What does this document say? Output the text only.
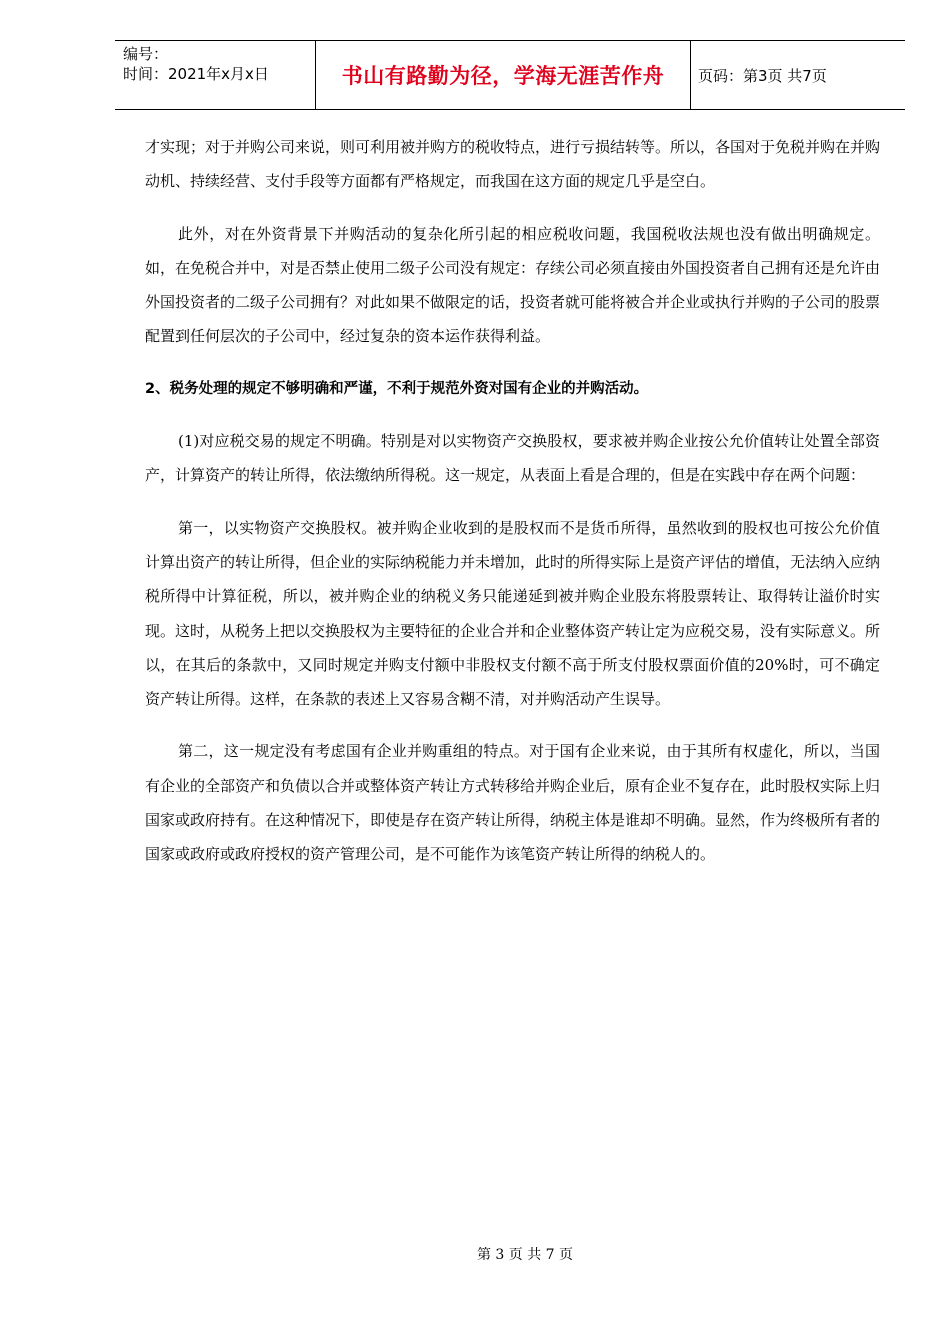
编号：
时间：2021年x月x日	书山有路勤为径，学海无涯苦作舟	页码：第3页 共7页

才实现；对于并购公司来说，则可利用被并购方的税收特点，进行亏损结转等。所以，各国对于免税并购在并购动机、持续经营、支付手段等方面都有严格规定，而我国在这方面的规定几乎是空白。

此外，对在外资背景下并购活动的复杂化所引起的相应税收问题，我国税收法规也没有做出明确规定。如，在免税合并中，对是否禁止使用二级子公司没有规定：存续公司必须直接由外国投资者自己拥有还是允许由外国投资者的二级子公司拥有？对此如果不做限定的话，投资者就可能将被合并企业或执行并购的子公司的股票配置到任何层次的子公司中，经过复杂的资本运作获得利益。

2、税务处理的规定不够明确和严谨，不利于规范外资对国有企业的并购活动。

(1)对应税交易的规定不明确。特别是对以实物资产交换股权，要求被并购企业按公允价值转让处置全部资产，计算资产的转让所得，依法缴纳所得税。这一规定，从表面上看是合理的，但是在实践中存在两个问题：

第一，以实物资产交换股权。被并购企业收到的是股权而不是货币所得，虽然收到的股权也可按公允价值计算出资产的转让所得，但企业的实际纳税能力并未增加，此时的所得实际上是资产评估的增值，无法纳入应纳税所得中计算征税，所以，被并购企业的纳税义务只能递延到被并购企业股东将股票转让、取得转让溢价时实现。这时，从税务上把以交换股权为主要特征的企业合并和企业整体资产转让定为应税交易，没有实际意义。所以，在其后的条款中，又同时规定并购支付额中非股权支付额不高于所支付股权票面价值的20%时，可不确定资产转让所得。这样，在条款的表述上又容易含糊不清，对并购活动产生误导。

第二，这一规定没有考虑国有企业并购重组的特点。对于国有企业来说，由于其所有权虚化，所以，当国有企业的全部资产和负债以合并或整体资产转让方式转移给并购企业后，原有企业不复存在，此时股权实际上归国家或政府持有。在这种情况下，即使是存在资产转让所得，纳税主体是谁却不明确。显然，作为终极所有者的国家或政府或政府授权的资产管理公司，是不可能作为该笔资产转让所得的纳税人的。

第 3 页 共 7 页
